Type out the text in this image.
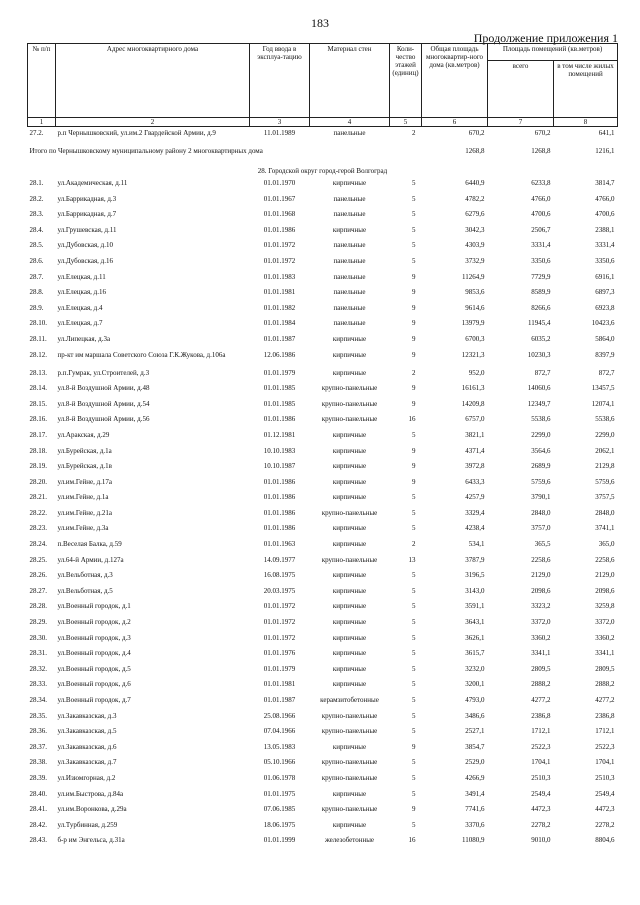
183
Продолжение приложения 1
№ п/п	Адрес многоквартирного дома	Год ввода в эксплуа-тацию	Материал стен	Коли-чество этажей (единиц)	Общая площадь многоквартир-ного дома (кв.метров)	Площадь помещений (кв.метров)	
						всего	в том числе жилых помещений
1	2	3	4	5	6	7	8
27.2.	р.п Чернышковский, ул.им.2 Гвардейской Армии, д.9	11.01.1989	панельные	2	670,2	670,2	641,1
Итого по Чернышковскому муниципальному району 2 многоквартирных дома					1268,8	1268,8	1216,1
28. Городской округ город-герой Волгоград							
28.1.	ул.Академическая, д.11	01.01.1970	кирпичные	5	6440,9	6233,8	3814,7
28.2.	ул.Баррикадная, д.3	01.01.1967	панельные	5	4782,2	4766,0	4766,0
28.3.	ул.Баррикадная, д.7	01.01.1968	панельные	5	6279,6	4700,6	4700,6
28.4.	ул.Грушевская, д.11	01.01.1986	кирпичные	5	3042,3	2506,7	2388,1
28.5.	ул.Дубовская, д.10	01.01.1972	панельные	5	4303,9	3331,4	3331,4
28.6.	ул.Дубовская, д.16	01.01.1972	панельные	5	3732,9	3350,6	3350,6
28.7.	ул.Елецкая, д.11	01.01.1983	панельные	9	11264,9	7729,9	6916,1
28.8.	ул.Елецкая, д.16	01.01.1981	панельные	9	9853,6	8589,9	6897,3
28.9.	ул.Елецкая, д.4	01.01.1982	панельные	9	9614,6	8266,6	6923,8
28.10.	ул.Елецкая, д.7	01.01.1984	панельные	9	13979,9	11945,4	10423,6
28.11.	ул.Липецкая, д.3а	01.01.1987	кирпичные	9	6700,3	6035,2	5864,0
28.12.	пр-кт им маршала Советского Союза Г.К.Жукова, д.106а	12.06.1986	кирпичные	9	12321,3	10230,3	8397,9
28.13.	р.п.Гумрак, ул.Строителей, д.3	01.01.1979	кирпичные	2	952,0	872,7	872,7
28.14.	ул.8-й Воздушной Армии, д.48	01.01.1985	крупно-панельные	9	16161,3	14060,6	13457,5
28.15.	ул.8-й Воздушной Армии, д.54	01.01.1985	крупно-панельные	9	14209,8	12349,7	12074,1
28.16.	ул.8-й Воздушной Армии, д.56	01.01.1986	крупно-панельные	16	6757,0	5538,6	5538,6
28.17.	ул.Аракская, д.29	01.12.1981	кирпичные	5	3821,1	2299,0	2299,0
28.18.	ул.Бурейская, д.1а	10.10.1983	кирпичные	9	4371,4	3564,6	2062,1
28.19.	ул.Бурейская, д.1в	10.10.1987	кирпичные	9	3972,8	2689,9	2129,8
28.20.	ул.им.Гейне, д.17а	01.01.1986	кирпичные	9	6433,3	5759,6	5759,6
28.21.	ул.им.Гейне, д.1а	01.01.1986	кирпичные	5	4257,9	3790,1	3757,5
28.22.	ул.им.Гейне, д.21а	01.01.1986	крупно-панельные	5	3329,4	2848,0	2848,0
28.23.	ул.им.Гейне, д.3а	01.01.1986	кирпичные	5	4238,4	3757,0	3741,1
28.24.	п.Веселая Балка, д.59	01.01.1963	кирпичные	2	534,1	365,5	365,0
28.25.	ул.64-й Армии, д.127а	14.09.1977	крупно-панельные	13	3787,9	2258,6	2258,6
28.26.	ул.Вельботная, д.3	16.08.1975	кирпичные	5	3196,5	2129,0	2129,0
28.27.	ул.Вельботная, д.5	20.03.1975	кирпичные	5	3143,0	2098,6	2098,6
28.28.	ул.Военный городок, д.1	01.01.1972	кирпичные	5	3591,1	3323,2	3259,8
28.29.	ул.Военный городок, д.2	01.01.1972	кирпичные	5	3643,1	3372,0	3372,0
28.30.	ул.Военный городок, д.3	01.01.1972	кирпичные	5	3626,1	3360,2	3360,2
28.31.	ул.Военный городок, д.4	01.01.1976	кирпичные	5	3615,7	3341,1	3341,1
28.32.	ул.Военный городок, д.5	01.01.1979	кирпичные	5	3232,0	2809,5	2809,5
28.33.	ул.Военный городок, д.6	01.01.1981	кирпичные	5	3200,1	2888,2	2888,2
28.34.	ул.Военный городок, д.7	01.01.1987	керамзитобетонные	5	4793,0	4277,2	4277,2
28.35.	ул.Закавказская, д.3	25.08.1966	крупно-панельные	5	3486,6	2386,8	2386,8
28.36.	ул.Закавказская, д.5	07.04.1966	крупно-панельные	5	2527,1	1712,1	1712,1
28.37.	ул.Закавказская, д.6	13.05.1983	кирпичные	9	3854,7	2522,3	2522,3
28.38.	ул.Закавказская, д.7	05.10.1966	крупно-панельные	5	2529,0	1704,1	1704,1
28.39.	ул.Изюмгорная, д.2	01.06.1978	крупно-панельные	5	4266,9	2510,3	2510,3
28.40.	ул.им.Быстрова, д.84а	01.01.1975	кирпичные	5	3491,4	2549,4	2549,4
28.41.	ул.им.Воронкова, д.29а	07.06.1985	крупно-панельные	9	7741,6	4472,3	4472,3
28.42.	ул.Турбинная, д.259	18.06.1975	кирпичные	5	3370,6	2278,2	2278,2
28.43.	б-р им Энгельса, д.31а	01.01.1999	железобетонные	16	11080,9	9010,0	8804,6
